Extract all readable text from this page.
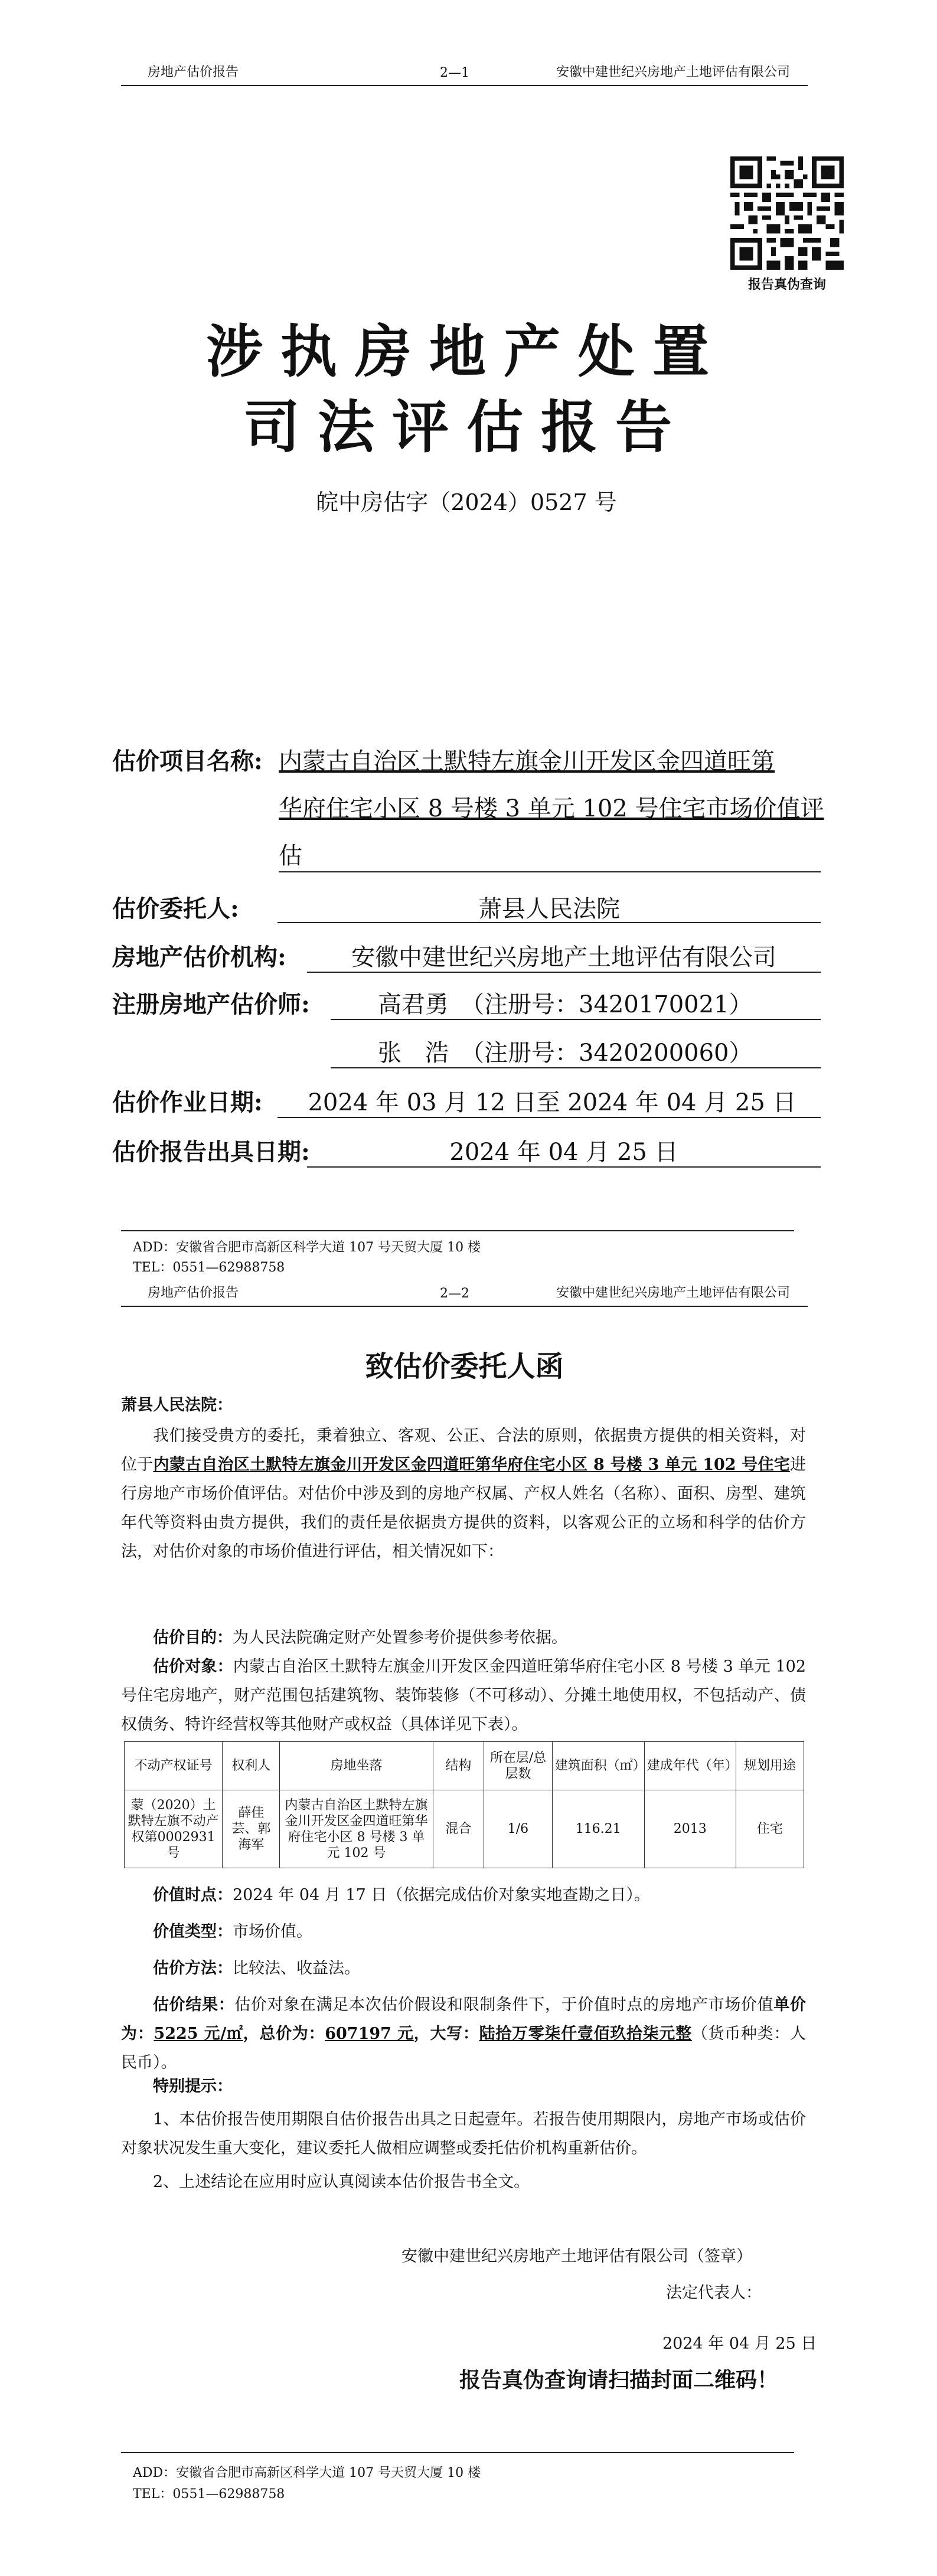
房地产估价报告	2—1	安徽中建世纪兴房地产土地评估有限公司
报告真伪查询
涉执房地产处置
司法评估报告
皖中房估字（2024）0527 号
估价项目名称: 内蒙古自治区土默特左旗金川开发区金四道旺第
华府住宅小区 8 号楼 3 单元 102 号住宅市场价值评
估
估价委托人:	萧县人民法院
房地产估价机构:	安徽中建世纪兴房地产土地评估有限公司
注册房地产估价师:	高君勇　（注册号：3420170021）
张　浩　（注册号：3420200060）
估价作业日期:	2024 年 03 月 12 日至 2024 年 04 月 25 日
估价报告出具日期:	2024 年 04 月 25 日
ADD：安徽省合肥市高新区科学大道 107 号天贸大厦 10 楼
TEL：0551—62988758
房地产估价报告	2—2	安徽中建世纪兴房地产土地评估有限公司
致估价委托人函
萧县人民法院：
我们接受贵方的委托，秉着独立、客观、公正、合法的原则，依据贵方提供的相关资料，对位于内蒙古自治区土默特左旗金川开发区金四道旺第华府住宅小区 8 号楼 3 单元 102 号住宅进行房地产市场价值评估。对估价中涉及到的房地产权属、产权人姓名（名称）、面积、房型、建筑年代等资料由贵方提供，我们的责任是依据贵方提供的资料，以客观公正的立场和科学的估价方法，对估价对象的市场价值进行评估，相关情况如下：
估价目的：为人民法院确定财产处置参考价提供参考依据。
估价对象：内蒙古自治区土默特左旗金川开发区金四道旺第华府住宅小区 8 号楼 3 单元 102 号住宅房地产，财产范围包括建筑物、装饰装修（不可移动）、分摊土地使用权，不包括动产、债权债务、特许经营权等其他财产或权益（具体详见下表）。
不动产权证号	权利人	房地坐落	结构	所在层/总层数	建筑面积（㎡）	建成年代（年）	规划用途
蒙（2020）土默特左旗不动产权第0002931号	薛佳芸、郭海军	内蒙古自治区土默特左旗金川开发区金四道旺第华府住宅小区 8 号楼 3 单元 102 号	混合	1/6	116.21	2013	住宅
价值时点：2024 年 04 月 17 日（依据完成估价对象实地查勘之日）。
价值类型：市场价值。
估价方法：比较法、收益法。
估价结果：估价对象在满足本次估价假设和限制条件下，于价值时点的房地产市场价值单价为：5225 元/㎡，总价为：607197 元，大写：陆拾万零柒仟壹佰玖拾柒元整（货币种类：人民币）。
特别提示：
1、本估价报告使用期限自估价报告出具之日起壹年。若报告使用期限内，房地产市场或估价对象状况发生重大变化，建议委托人做相应调整或委托估价机构重新估价。
2、上述结论在应用时应认真阅读本估价报告书全文。
安徽中建世纪兴房地产土地评估有限公司（签章）
法定代表人：
2024 年 04 月 25 日
报告真伪查询请扫描封面二维码！
ADD：安徽省合肥市高新区科学大道 107 号天贸大厦 10 楼
TEL：0551—62988758
